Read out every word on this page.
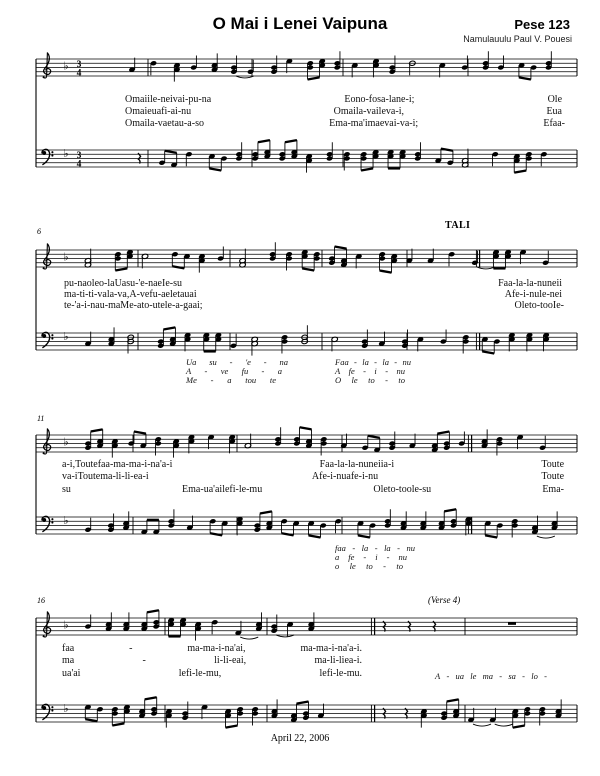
♭
♭
3
4
3
4
♭
♭
♭
♭
♭
♭
O Mai i Lenei Vaipuna	Pese 123
Namulauulu Paul V. Pouesi
6
11
16
TALI
(Verse 4)
O mai i le - nei vai - pu - na	E o no - fo sa - la ne - i;	O le
O mai e ua fi - a i - nu	O mai la - va i le va - i,	E ua
O mai la - va e tau - a - so	E ma - ma'i ma e vai - va - i;	E faa -
pu - na o le o - la Ua su - 'e - na e Ie - su	Faa - la - la - nu nei i
ma - ti - ti - va la - va, A - ve fu - a e le tau ai	A fe - i - nu le - nei
te - 'a - i - na u - ma Me - a to - u te le - a - ga ai;	O le to - to o Ie -
Ua su - 'e - na
A - ve fu - a
Me - a tou te
Faa - la - la - nu
A fe - i - nu
O le to - to
a - i, Tou te faa - ma - ma - i - na'a - i	Faa - la - la - nu nei i a - i	Tou te
va - i Tou te ma - li - li - e a - i	A fe - i - nu a fe - i - nu	Tou te
su	E ma - ua'ai le fi - le - mu	O le to - to o le - su	E ma -
faa - la - la - nu
a fe - i - nu
o le to - to
faa	-	ma - ma - i - na'ai,	ma - ma - i - na'a - i.
ma	-	li - li - e ai,	ma - li - lie a - i.
ua'ai	le fi - le - mu,	le fi - le - mu.	A - ua le ma - sa - lo -
April 22, 2006
